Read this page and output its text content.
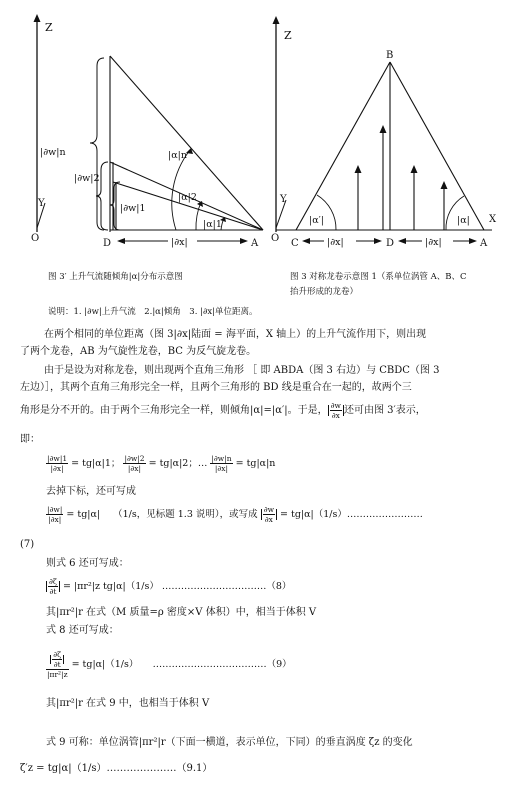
Z
Y
O
|∂w|n
|∂w|2
|∂w|1
|α|n
|α|2
|α|1
D	A
|∂x|
Z
Y
O
X
B
|α′|	|α|
C	D	A
|∂x|	|∂x|
图 3′ 上升气流随倾角|α|分布示意图	图 3 对称龙卷示意图 1（系单位涡管 A、B、C
抬升形成的龙卷）
说明：1. |∂w|上升气流　2.|α|倾角　3. |∂x|单位距离。
在两个相同的单位距离（图 3|∂x|陆面 = 海平面，X 轴上）的上升气流作用下，则出现
了两个龙卷，AB 为气旋性龙卷，BC 为反气旋龙卷。
由于是设为对称龙卷，则出现两个直角三角形 ［ 即 ABDA（图 3 右边）与 CBDC（图 3
左边）］，其两个直角三角形完全一样，且两个三角形的 BD 线是重合在一起的，故两个三
角形是分不开的。由于两个三角形完全一样，则倾角|α|=|α′|。于是， $\frac{\partial w}{\partial x}$ 还可由图 3′表示，
即：
$\frac{|\partial w|1}{|\partial x|} = tg|\alpha|1$； $\frac{|\partial w|2}{|\partial x|} = tg|\alpha|2$；… $\frac{|\partial w|n}{|\partial x|} = tg|\alpha|n$
去掉下标，还可写成
$\frac{|\partial w|}{|\partial x|} = tg|\alpha|$ （1/s，见标题 1.3 说明），或写成 $\frac{\partial w}{\partial x}$ = tg|α|（1/s）……………………
(7)
则式 6 还可写成：
$\frac{\partial\zeta}{\partial t} = |\pi r^2|z$ tg|α|（1/s） ……………………………（8）
其|πr²|r 在式（M 质量=ρ 密度×V 体积）中，相当于体积 V
式 8 还可写成：
$\frac{\frac{\partial\zeta}{\partial t}}{\text{|πr²|z}} = tg|\alpha|(1/s)$　　………………………………（9）
其|πr²|r 在式 9 中，也相当于体积 V
式 9 可称：单位涡管|πr²|r（下面一横道，表示单位，下同）的垂直涡度 ζz 的变化
ζ′z = tg|α|（1/s）…………………（9.1）
